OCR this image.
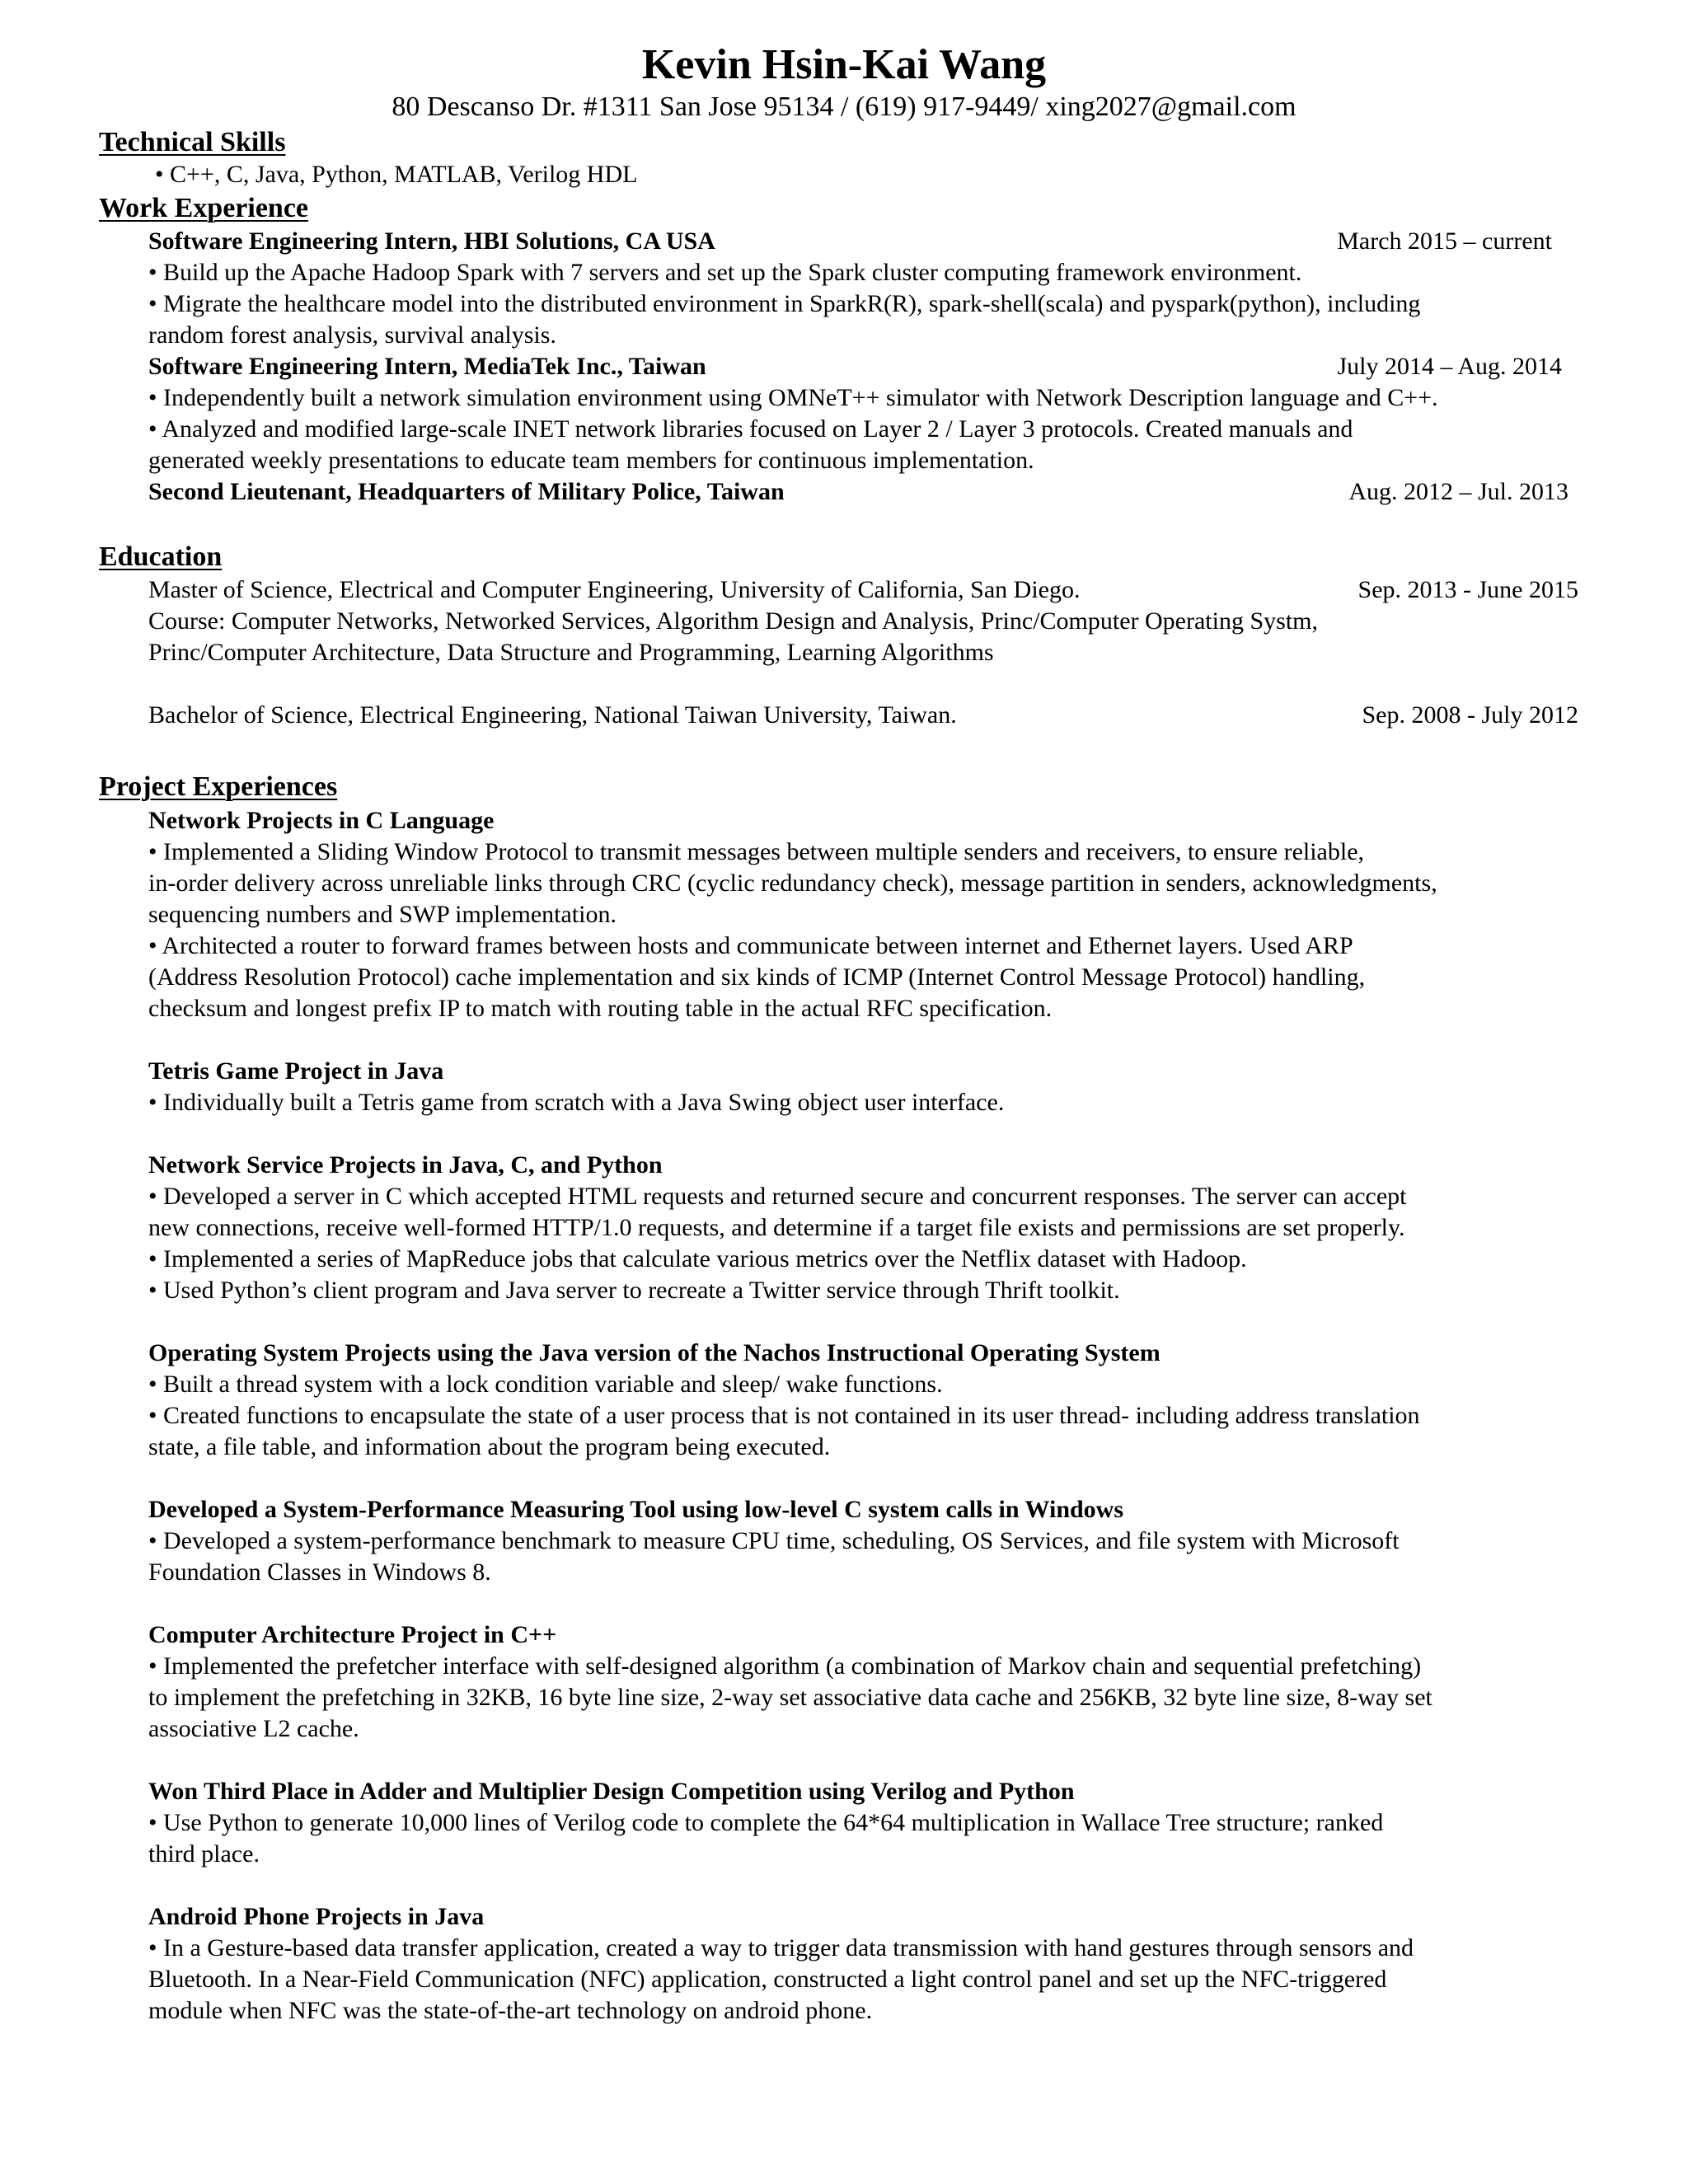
Kevin Hsin-Kai Wang
80 Descanso Dr. #1311 San Jose 95134 / (619) 917-9449/ xing2027@gmail.com
Technical Skills
• C++, C, Java, Python, MATLAB, Verilog HDL
Work Experience
Software Engineering Intern, HBI Solutions, CA USA	March 2015 – current
• Build up the Apache Hadoop Spark with 7 servers and set up the Spark cluster computing framework environment.
• Migrate the healthcare model into the distributed environment in SparkR(R), spark-shell(scala) and pyspark(python), including
random forest analysis, survival analysis.
Software Engineering Intern, MediaTek Inc., Taiwan	July 2014 – Aug. 2014
• Independently built a network simulation environment using OMNeT++ simulator with Network Description language and C++.
• Analyzed and modified large-scale INET network libraries focused on Layer 2 / Layer 3 protocols. Created manuals and
generated weekly presentations to educate team members for continuous implementation.
Second Lieutenant, Headquarters of Military Police, Taiwan	Aug. 2012 – Jul. 2013
Education
Master of Science, Electrical and Computer Engineering, University of California, San Diego.	Sep. 2013 - June 2015
Course: Computer Networks, Networked Services, Algorithm Design and Analysis, Princ/Computer Operating Systm,
Princ/Computer Architecture, Data Structure and Programming, Learning Algorithms
Bachelor of Science, Electrical Engineering, National Taiwan University, Taiwan.	Sep. 2008 - July 2012
Project Experiences
Network Projects in C Language
• Implemented a Sliding Window Protocol to transmit messages between multiple senders and receivers, to ensure reliable,
in-order delivery across unreliable links through CRC (cyclic redundancy check), message partition in senders, acknowledgments,
sequencing numbers and SWP implementation.
• Architected a router to forward frames between hosts and communicate between internet and Ethernet layers. Used ARP
(Address Resolution Protocol) cache implementation and six kinds of ICMP (Internet Control Message Protocol) handling,
checksum and longest prefix IP to match with routing table in the actual RFC specification.
Tetris Game Project in Java
• Individually built a Tetris game from scratch with a Java Swing object user interface.
Network Service Projects in Java, C, and Python
• Developed a server in C which accepted HTML requests and returned secure and concurrent responses. The server can accept
new connections, receive well-formed HTTP/1.0 requests, and determine if a target file exists and permissions are set properly.
• Implemented a series of MapReduce jobs that calculate various metrics over the Netflix dataset with Hadoop.
• Used Python’s client program and Java server to recreate a Twitter service through Thrift toolkit.
Operating System Projects using the Java version of the Nachos Instructional Operating System
• Built a thread system with a lock condition variable and sleep/ wake functions.
• Created functions to encapsulate the state of a user process that is not contained in its user thread- including address translation
state, a file table, and information about the program being executed.
Developed a System-Performance Measuring Tool using low-level C system calls in Windows
• Developed a system-performance benchmark to measure CPU time, scheduling, OS Services, and file system with Microsoft
Foundation Classes in Windows 8.
Computer Architecture Project in C++
• Implemented the prefetcher interface with self-designed algorithm (a combination of Markov chain and sequential prefetching)
to implement the prefetching in 32KB, 16 byte line size, 2-way set associative data cache and 256KB, 32 byte line size, 8-way set
associative L2 cache.
Won Third Place in Adder and Multiplier Design Competition using Verilog and Python
• Use Python to generate 10,000 lines of Verilog code to complete the 64*64 multiplication in Wallace Tree structure; ranked
third place.
Android Phone Projects in Java
• In a Gesture-based data transfer application, created a way to trigger data transmission with hand gestures through sensors and
Bluetooth. In a Near-Field Communication (NFC) application, constructed a light control panel and set up the NFC-triggered
module when NFC was the state-of-the-art technology on android phone.
